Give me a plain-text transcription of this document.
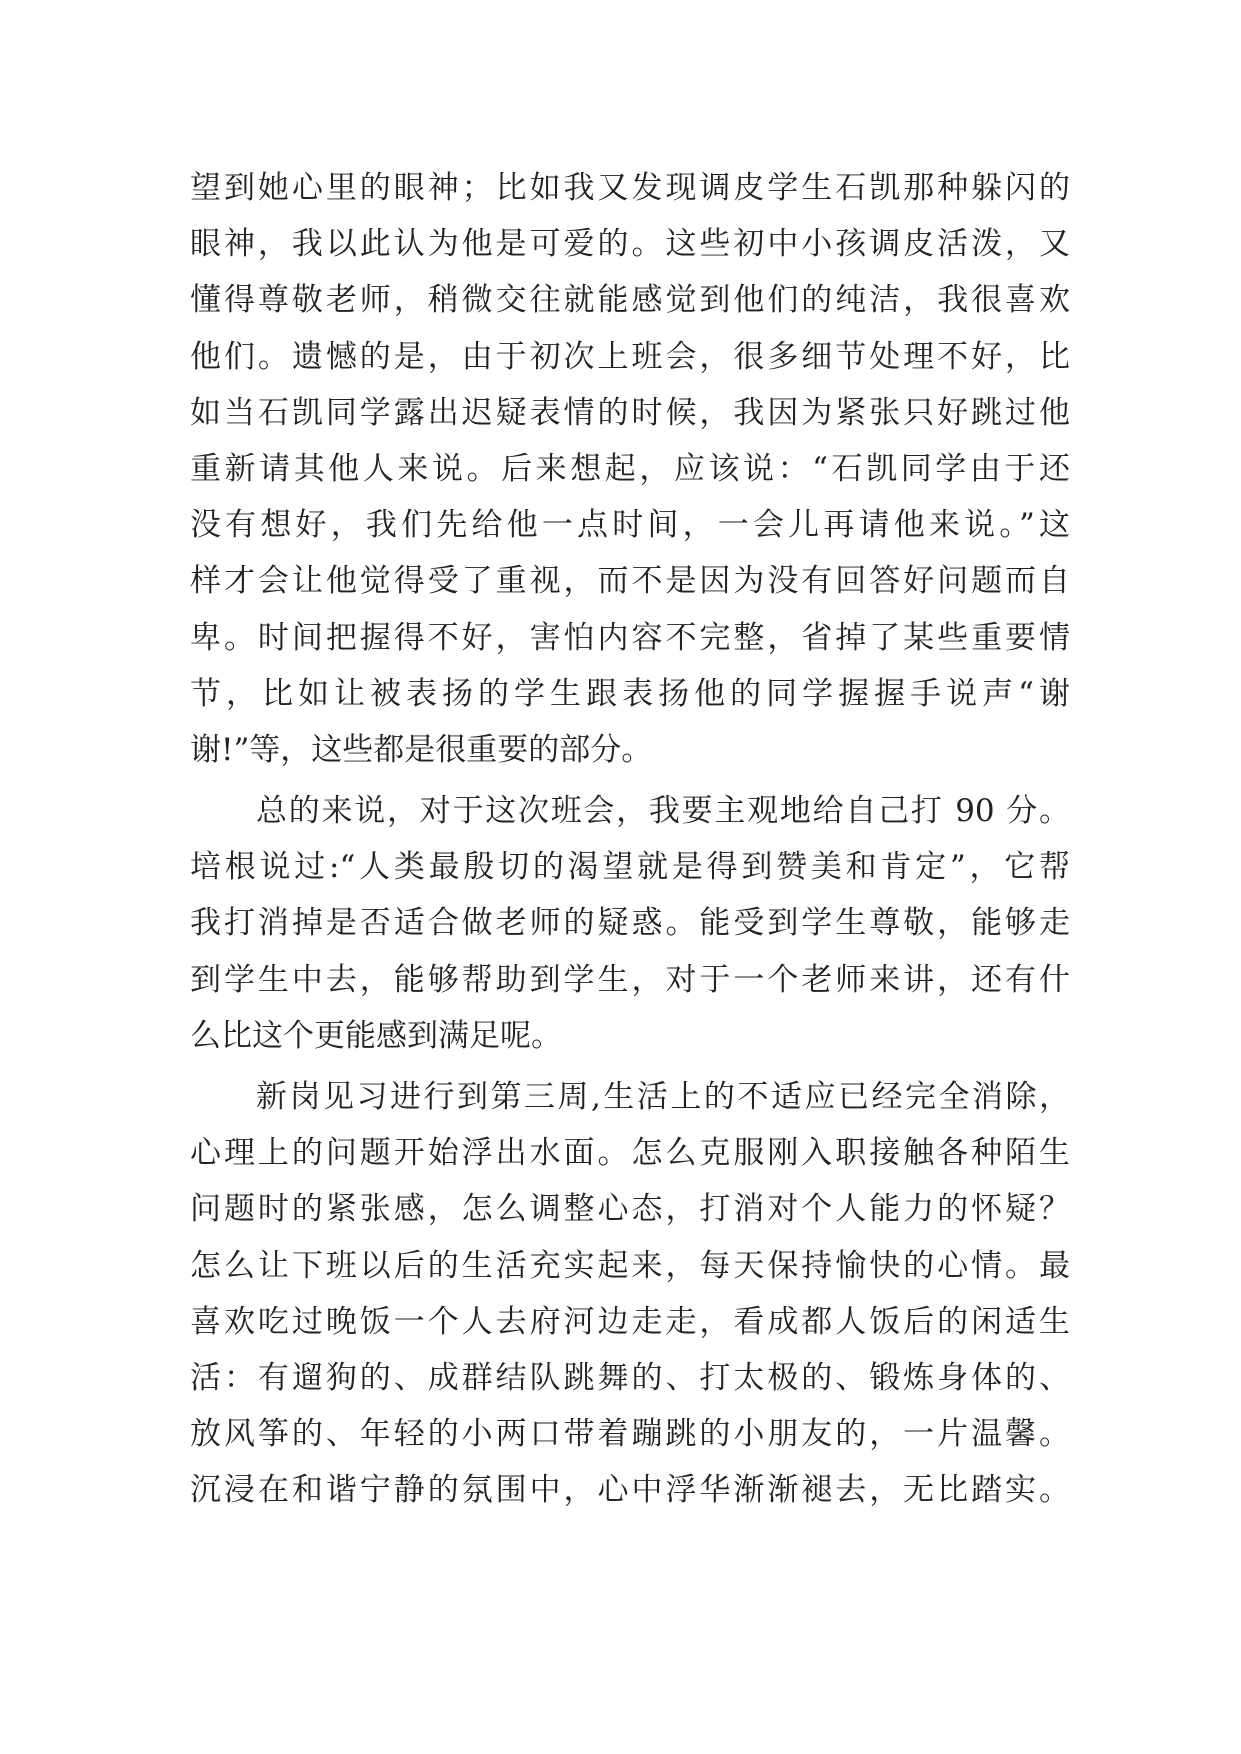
望到她心里的眼神；比如我又发现调皮学生石凯那种躲闪的
眼神，我以此认为他是可爱的。这些初中小孩调皮活泼，又
懂得尊敬老师，稍微交往就能感觉到他们的纯洁，我很喜欢
他们。遗憾的是，由于初次上班会，很多细节处理不好，比
如当石凯同学露出迟疑表情的时候，我因为紧张只好跳过他
重新请其他人来说。后来想起，应该说：“石凯同学由于还
没有想好，我们先给他一点时间，一会儿再请他来说。”这
样才会让他觉得受了重视，而不是因为没有回答好问题而自
卑。时间把握得不好，害怕内容不完整，省掉了某些重要情
节，比如让被表扬的学生跟表扬他的同学握握手说声“谢
谢!”等，这些都是很重要的部分。
总的来说，对于这次班会，我要主观地给自己打 90 分。
培根说过:“人类最殷切的渴望就是得到赞美和肯定”，它帮
我打消掉是否适合做老师的疑惑。能受到学生尊敬，能够走
到学生中去，能够帮助到学生，对于一个老师来讲，还有什
么比这个更能感到满足呢。
新岗见习进行到第三周,生活上的不适应已经完全消除，
心理上的问题开始浮出水面。怎么克服刚入职接触各种陌生
问题时的紧张感，怎么调整心态，打消对个人能力的怀疑？
怎么让下班以后的生活充实起来，每天保持愉快的心情。最
喜欢吃过晚饭一个人去府河边走走，看成都人饭后的闲适生
活：有遛狗的、成群结队跳舞的、打太极的、锻炼身体的、
放风筝的、年轻的小两口带着蹦跳的小朋友的，一片温馨。
沉浸在和谐宁静的氛围中，心中浮华渐渐褪去，无比踏实。
